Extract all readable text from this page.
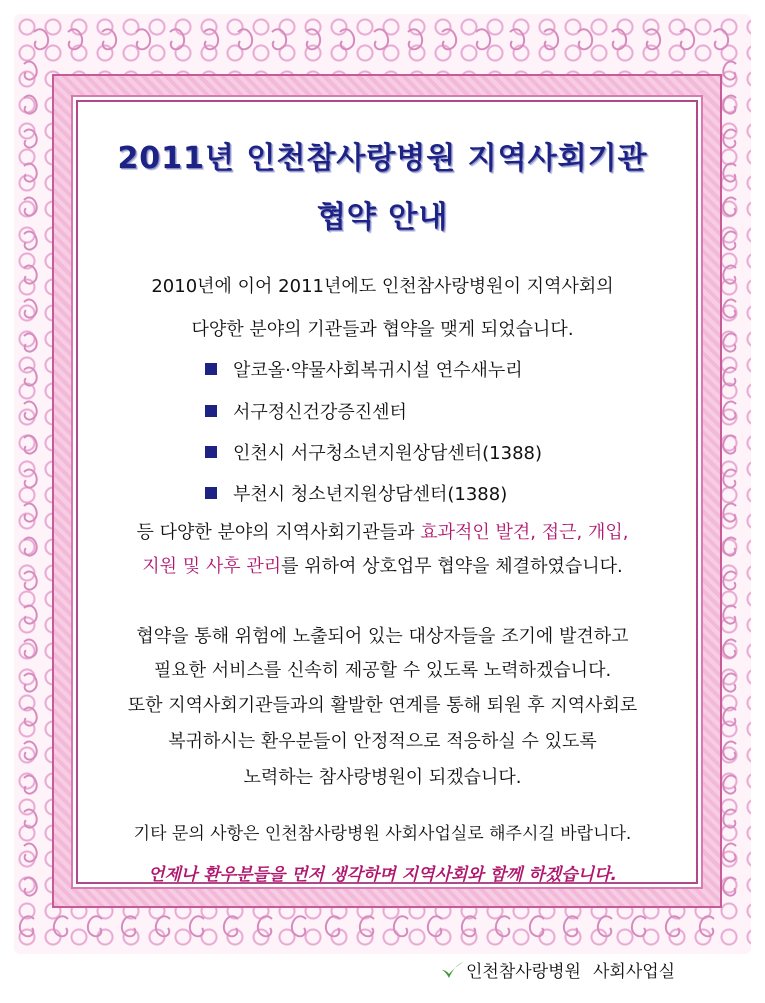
2011년 인천참사랑병원 지역사회기관
협약 안내
2010년에 이어 2011년에도 인천참사랑병원이 지역사회의
다양한 분야의 기관들과 협약을 맺게 되었습니다.
알코올·약물사회복귀시설 연수새누리
서구정신건강증진센터
인천시 서구청소년지원상담센터(1388)
부천시 청소년지원상담센터(1388)
등 다양한 분야의 지역사회기관들과 효과적인 발견, 접근, 개입,
지원 및 사후 관리를 위하여 상호업무 협약을 체결하였습니다.
협약을 통해 위험에 노출되어 있는 대상자들을 조기에 발견하고
필요한 서비스를 신속히 제공할 수 있도록 노력하겠습니다.
또한 지역사회기관들과의 활발한 연계를 통해 퇴원 후 지역사회로
복귀하시는 환우분들이 안정적으로 적응하실 수 있도록
노력하는 참사랑병원이 되겠습니다.
기타 문의 사항은 인천참사랑병원 사회사업실로 해주시길 바랍니다.
언제나 환우분들을 먼저 생각하며 지역사회와 함께 하겠습니다.
인천참사랑병원 사회사업실
